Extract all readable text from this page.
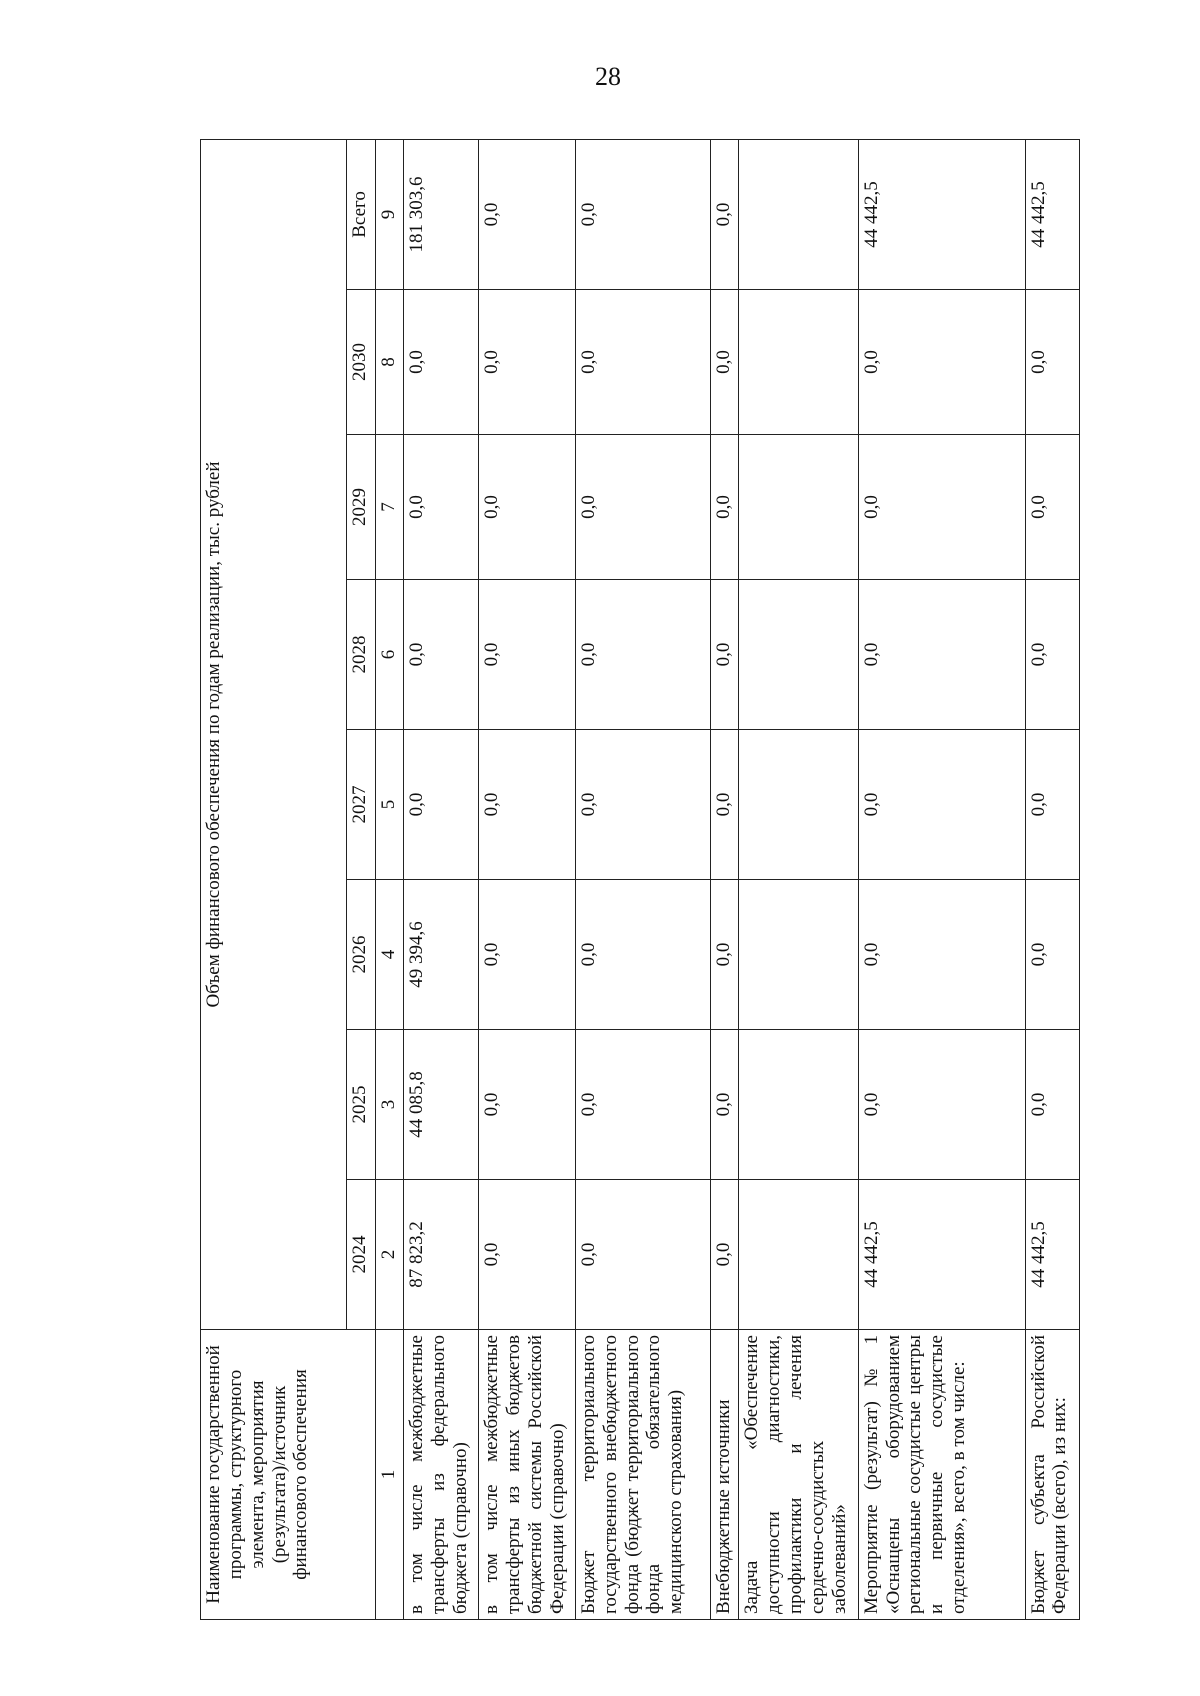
28
Наименование государственной программы, структурного элемента, мероприятия (результата)/источник финансового обеспечения	Объем финансового обеспечения по годам реализации, тыс. рублей							
	2024	2025	2026	2027	2028	2029	2030	Всего
1	2	3	4	5	6	7	8	9
в том числе межбюджетные трансферты из федерального бюджета (справочно)	87 823,2	44 085,8	49 394,6	0,0	0,0	0,0	0,0	181 303,6
в том числе межбюджетные трансферты из иных бюджетов бюджетной системы Российской Федерации (справочно)	0,0	0,0	0,0	0,0	0,0	0,0	0,0	0,0
Бюджет территориального государственного внебюджетного фонда (бюджет территориального фонда обязательного медицинского страхования)	0,0	0,0	0,0	0,0	0,0	0,0	0,0	0,0
Внебюджетные источники	0,0	0,0	0,0	0,0	0,0	0,0	0,0	0,0
Задача «Обеспечение доступности диагностики, профилактики и лечения сердечно-сосудистых заболеваний»								
Мероприятие (результат) № 1 «Оснащены оборудованием региональные сосудистые центры и первичные сосудистые отделения», всего, в том числе:	44 442,5	0,0	0,0	0,0	0,0	0,0	0,0	44 442,5
Бюджет субъекта Российской Федерации (всего), из них:	44 442,5	0,0	0,0	0,0	0,0	0,0	0,0	44 442,5
